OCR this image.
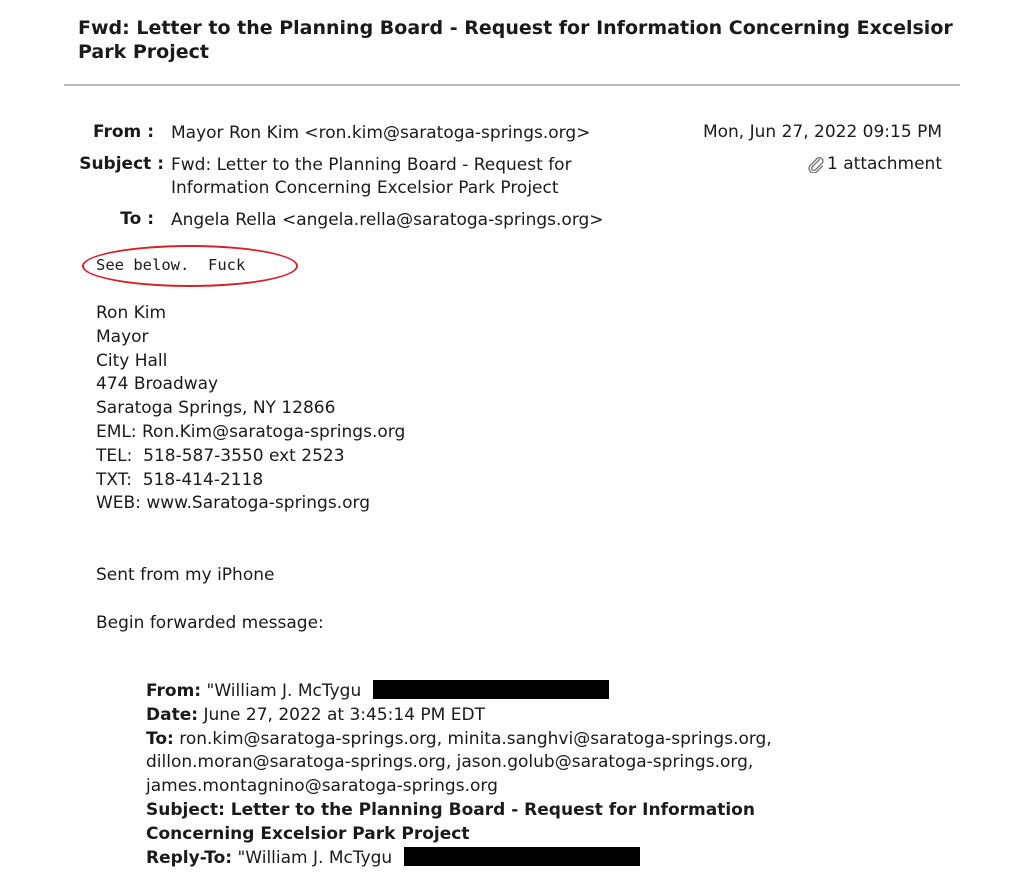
Fwd: Letter to the Planning Board - Request for Information Concerning Excelsior Park Project
From : Mayor Ron Kim <ron.kim@saratoga-springs.org>
Subject : Fwd: Letter to the Planning Board - Request for
Information Concerning Excelsior Park Project
To : Angela Rella <angela.rella@saratoga-springs.org>
Mon, Jun 27, 2022 09:15 PM
1 attachment
See below.  Fuck
Ron Kim
Mayor
City Hall
474 Broadway
Saratoga Springs, NY 12866
EML: Ron.Kim@saratoga-springs.org
TEL:  518-587-3550 ext 2523
TXT:  518-414-2118
WEB: www.Saratoga-springs.org
Sent from my iPhone
Begin forwarded message:
From: "William J. McTygu
Date: June 27, 2022 at 3:45:14 PM EDT
To: ron.kim@saratoga-springs.org, minita.sanghvi@saratoga-springs.org,
dillon.moran@saratoga-springs.org, jason.golub@saratoga-springs.org,
james.montagnino@saratoga-springs.org
Subject: Letter to the Planning Board - Request for Information
Concerning Excelsior Park Project
Reply-To: "William J. McTygu
